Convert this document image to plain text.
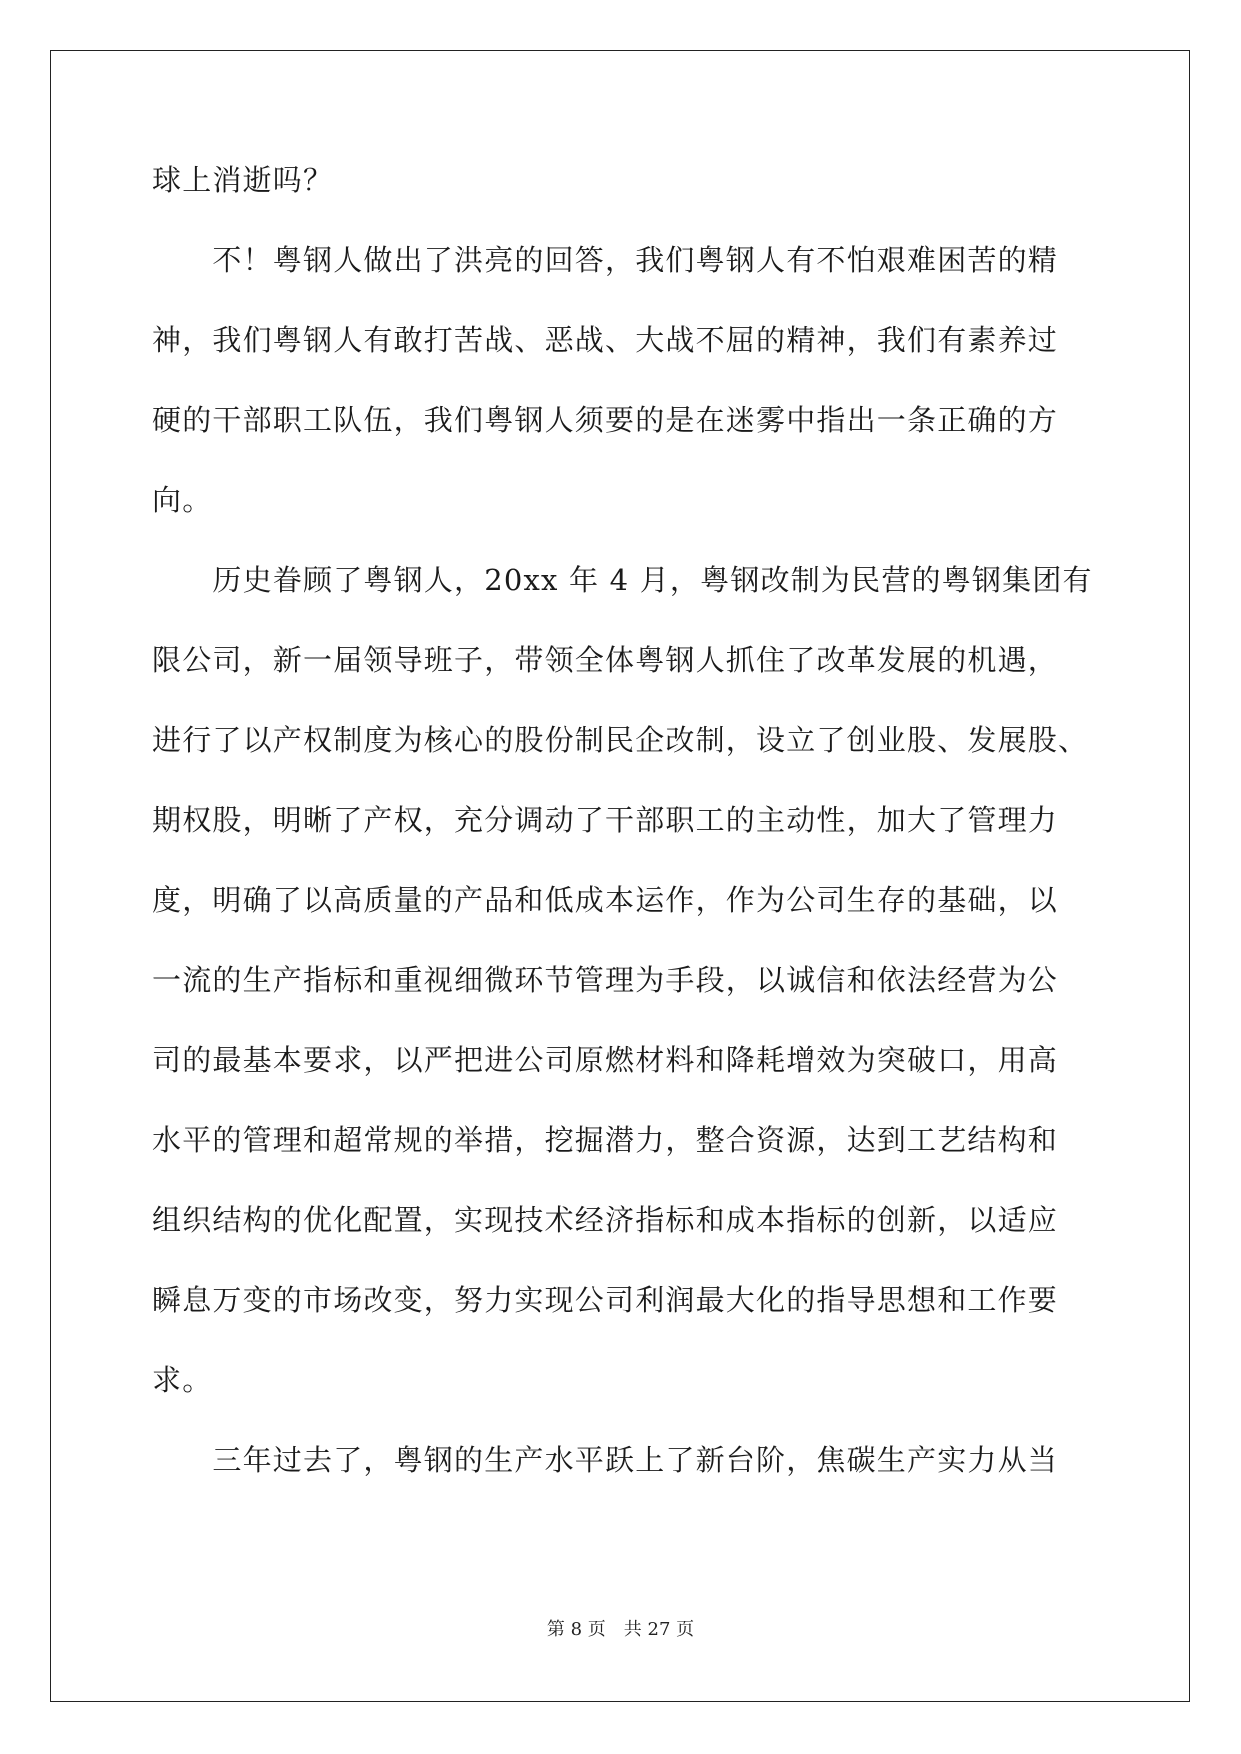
球上消逝吗？
　　不！粤钢人做出了洪亮的回答，我们粤钢人有不怕艰难困苦的精
神，我们粤钢人有敢打苦战、恶战、大战不屈的精神，我们有素养过
硬的干部职工队伍，我们粤钢人须要的是在迷雾中指出一条正确的方
向。
　　历史眷顾了粤钢人，20xx 年 4 月，粤钢改制为民营的粤钢集团有
限公司，新一届领导班子，带领全体粤钢人抓住了改革发展的机遇，
进行了以产权制度为核心的股份制民企改制，设立了创业股、发展股、
期权股，明晰了产权，充分调动了干部职工的主动性，加大了管理力
度，明确了以高质量的产品和低成本运作，作为公司生存的基础，以
一流的生产指标和重视细微环节管理为手段，以诚信和依法经营为公
司的最基本要求，以严把进公司原燃材料和降耗增效为突破口，用高
水平的管理和超常规的举措，挖掘潜力，整合资源，达到工艺结构和
组织结构的优化配置，实现技术经济指标和成本指标的创新，以适应
瞬息万变的市场改变，努力实现公司利润最大化的指导思想和工作要
求。
　　三年过去了，粤钢的生产水平跃上了新台阶，焦碳生产实力从当
第 8 页 共 27 页
